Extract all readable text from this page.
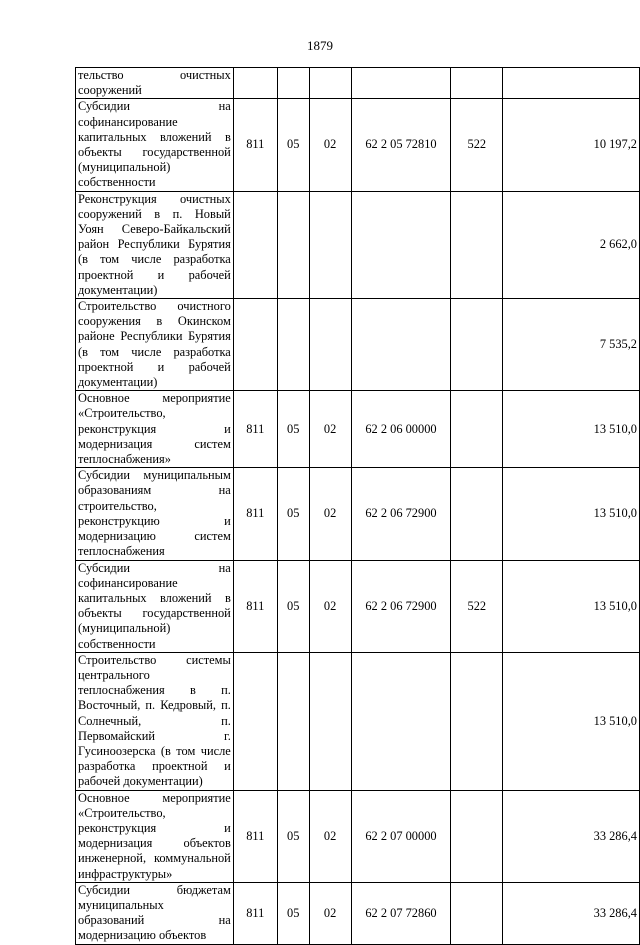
1879
тельство очистных сооружений						
Субсидии на софинансирование капитальных вложений в объекты государственной (муниципальной) собственности	811	05	02	62 2 05 72810	522	10 197,2
Реконструкция очистных сооружений в п. Новый Уоян Северо-Байкальский район Республики Бурятия (в том числе разработка проектной и рабочей документации)						2 662,0
Строительство очистного сооружения в Окинском районе Республики Бурятия (в том числе разработка проектной и рабочей документации)						7 535,2
Основное мероприятие «Строительство, реконструкция и модернизация систем теплоснабжения»	811	05	02	62 2 06 00000		13 510,0
Субсидии муниципальным образованиям на строительство, реконструкцию и модернизацию систем теплоснабжения	811	05	02	62 2 06 72900		13 510,0
Субсидии на софинансирование капитальных вложений в объекты государственной (муниципальной) собственности	811	05	02	62 2 06 72900	522	13 510,0
Строительство системы центрального теплоснабжения в п. Восточный, п. Кедровый, п. Солнечный, п. Первомайский г. Гусиноозерска (в том числе разработка проектной и рабочей документации)						13 510,0
Основное мероприятие «Строительство, реконструкция и модернизация объектов инженерной, коммунальной инфраструктуры»	811	05	02	62 2 07 00000		33 286,4
Субсидии бюджетам муниципальных образований на модернизацию объектов	811	05	02	62 2 07 72860		33 286,4
